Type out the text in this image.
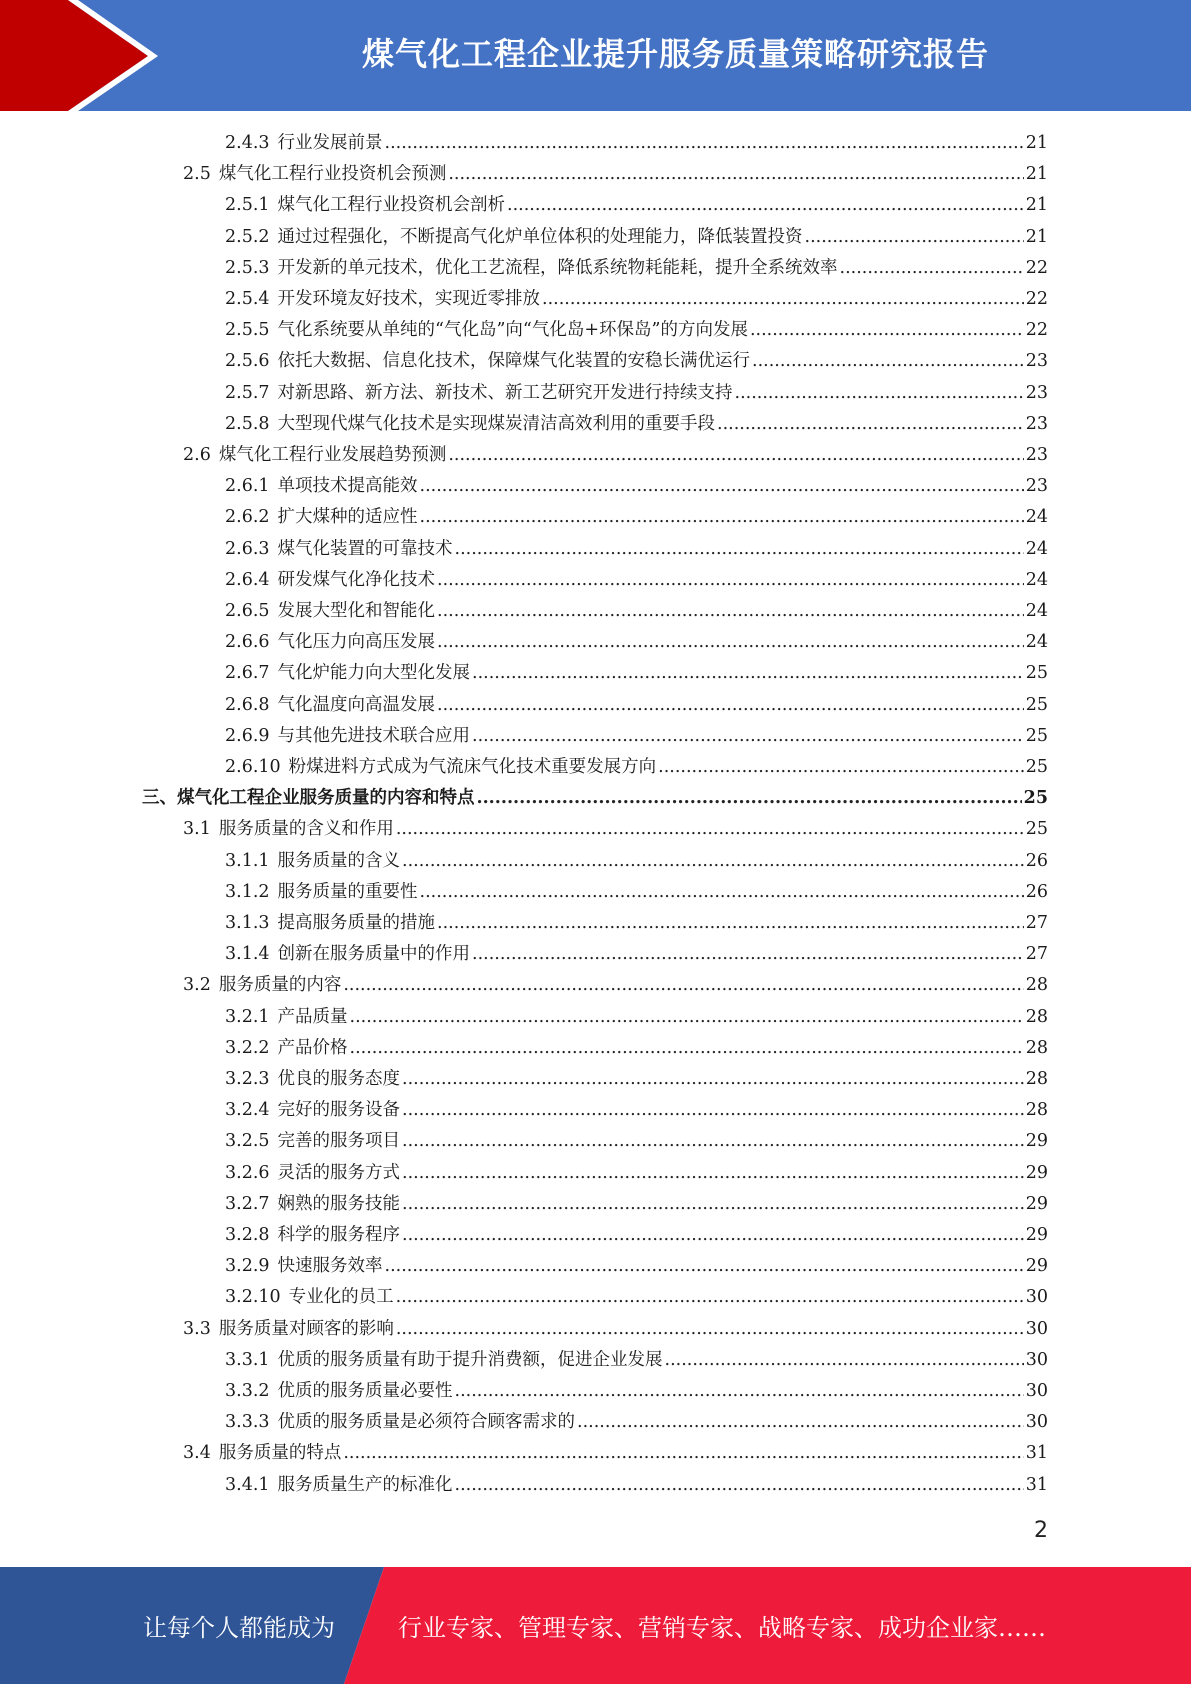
煤气化工程企业提升服务质量策略研究报告
2.4.3 行业发展前景 .....	21
2.5 煤气化工程行业投资机会预测 .....	21
2.5.1 煤气化工程行业投资机会剖析 .....	21
2.5.2 通过过程强化，不断提高气化炉单位体积的处理能力，降低装置投资 .....	21
2.5.3 开发新的单元技术，优化工艺流程，降低系统物耗能耗，提升全系统效率 .....	22
2.5.4 开发环境友好技术，实现近零排放 .....	22
2.5.5 气化系统要从单纯的“气化岛”向“气化岛+环保岛”的方向发展 .....	22
2.5.6 依托大数据、信息化技术，保障煤气化装置的安稳长满优运行 .....	23
2.5.7 对新思路、新方法、新技术、新工艺研究开发进行持续支持 .....	23
2.5.8 大型现代煤气化技术是实现煤炭清洁高效利用的重要手段 .....	23
2.6 煤气化工程行业发展趋势预测 .....	23
2.6.1 单项技术提高能效 .....	23
2.6.2 扩大煤种的适应性 .....	24
2.6.3 煤气化装置的可靠技术 .....	24
2.6.4 研发煤气化净化技术 .....	24
2.6.5 发展大型化和智能化 .....	24
2.6.6 气化压力向高压发展 .....	24
2.6.7 气化炉能力向大型化发展 .....	25
2.6.8 气化温度向高温发展 .....	25
2.6.9 与其他先进技术联合应用 .....	25
2.6.10 粉煤进料方式成为气流床气化技术重要发展方向 .....	25
三、 煤气化工程企业服务质量的内容和特点 .....	25
3.1 服务质量的含义和作用 .....	25
3.1.1 服务质量的含义 .....	26
3.1.2 服务质量的重要性 .....	26
3.1.3 提高服务质量的措施 .....	27
3.1.4 创新在服务质量中的作用 .....	27
3.2 服务质量的内容 .....	28
3.2.1 产品质量 .....	28
3.2.2 产品价格 .....	28
3.2.3 优良的服务态度 .....	28
3.2.4 完好的服务设备 .....	28
3.2.5 完善的服务项目 .....	29
3.2.6 灵活的服务方式 .....	29
3.2.7 娴熟的服务技能 .....	29
3.2.8 科学的服务程序 .....	29
3.2.9 快速服务效率 .....	29
3.2.10 专业化的员工 .....	30
3.3 服务质量对顾客的影响 .....	30
3.3.1 优质的服务质量有助于提升消费额，促进企业发展 .....	30
3.3.2 优质的服务质量必要性 .....	30
3.3.3 优质的服务质量是必须符合顾客需求的 .....	30
3.4 服务质量的特点 .....	31
3.4.1 服务质量生产的标准化 .....	31
2
让每个人都能成为	行业专家、管理专家、营销专家、战略专家、成功企业家……
